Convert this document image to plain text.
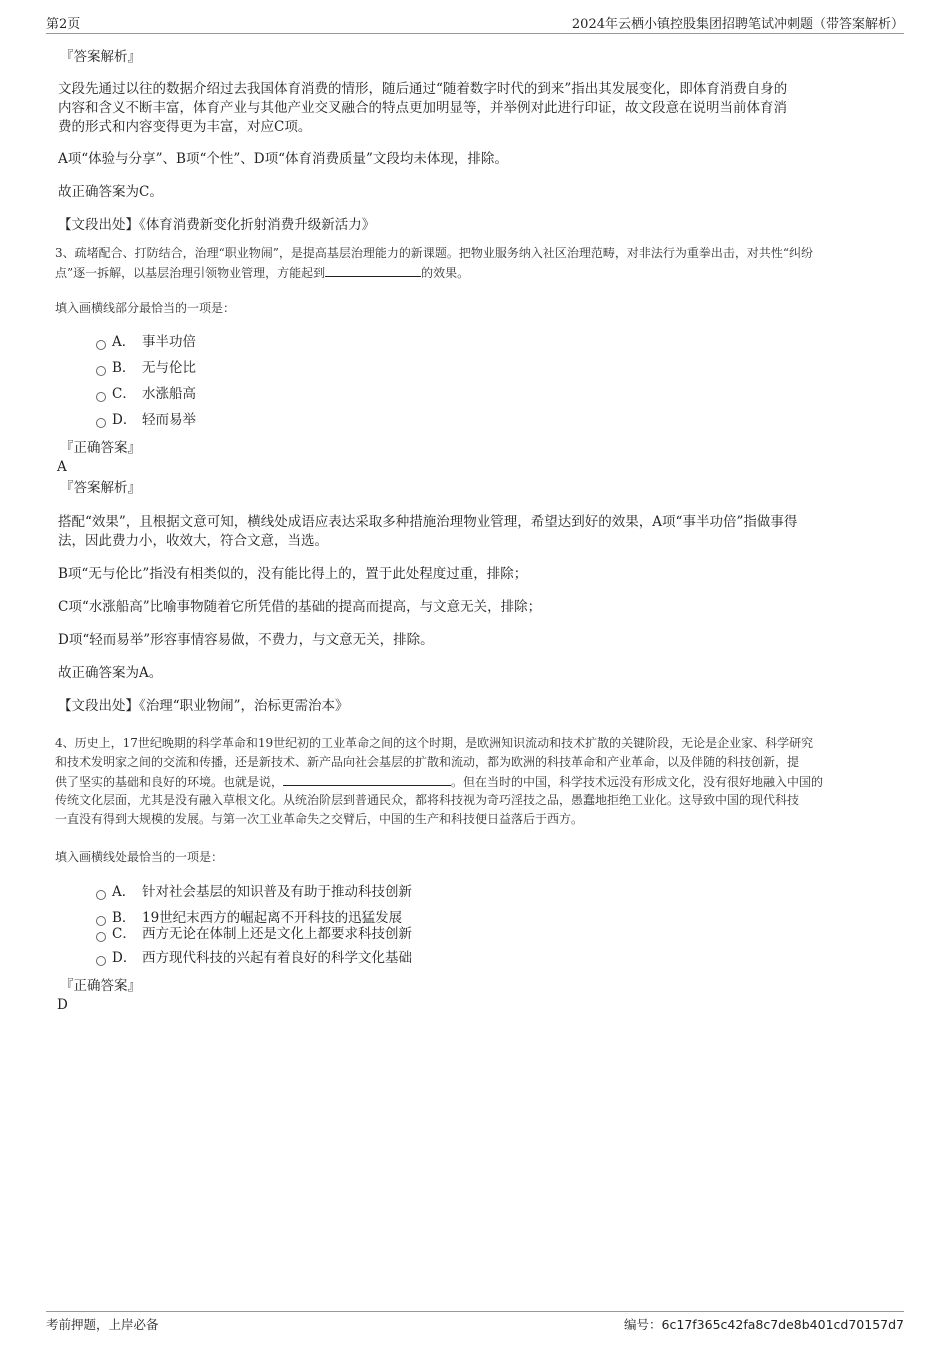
第2页	2024年云栖小镇控股集团招聘笔试冲刺题（带答案解析）
『答案解析』
文段先通过以往的数据介绍过去我国体育消费的情形，随后通过“随着数字时代的到来”指出其发展变化，即体育消费自身的
内容和含义不断丰富，体育产业与其他产业交叉融合的特点更加明显等，并举例对此进行印证，故文段意在说明当前体育消
费的形式和内容变得更为丰富，对应C项。
A项“体验与分享”、B项“个性”、D项“体育消费质量”文段均未体现，排除。
故正确答案为C。
【文段出处】《体育消费新变化折射消费升级新活力》
3、疏堵配合、打防结合，治理“职业物闹”，是提高基层治理能力的新课题。把物业服务纳入社区治理范畴，对非法行为重拳出击，对共性“纠纷
点”逐一拆解，以基层治理引领物业管理，方能起到	的效果。
填入画横线部分最恰当的一项是：
A． 事半功倍
B． 无与伦比
C． 水涨船高
D． 轻而易举
『正确答案』
A
『答案解析』
搭配“效果”，且根据文意可知，横线处成语应表达采取多种措施治理物业管理，希望达到好的效果，A项“事半功倍”指做事得
法，因此费力小，收效大，符合文意，当选。
B项“无与伦比”指没有相类似的，没有能比得上的，置于此处程度过重，排除；
C项“水涨船高”比喻事物随着它所凭借的基础的提高而提高，与文意无关，排除；
D项“轻而易举”形容事情容易做，不费力，与文意无关，排除。
故正确答案为A。
【文段出处】《治理“职业物闹”，治标更需治本》
4、历史上，17世纪晚期的科学革命和19世纪初的工业革命之间的这个时期，是欧洲知识流动和技术扩散的关键阶段，无论是企业家、科学研究
和技术发明家之间的交流和传播，还是新技术、新产品向社会基层的扩散和流动，都为欧洲的科技革命和产业革命，以及伴随的科技创新，提
供了坚实的基础和良好的环境。也就是说，	。但在当时的中国，科学技术远没有形成文化，没有很好地融入中国的
传统文化层面，尤其是没有融入草根文化。从统治阶层到普通民众，都将科技视为奇巧淫技之品，愚蠢地拒绝工业化。这导致中国的现代科技
一直没有得到大规模的发展。与第一次工业革命失之交臂后，中国的生产和科技便日益落后于西方。
填入画横线处最恰当的一项是：
A． 针对社会基层的知识普及有助于推动科技创新
B． 19世纪末西方的崛起离不开科技的迅猛发展
C． 西方无论在体制上还是文化上都要求科技创新
D． 西方现代科技的兴起有着良好的科学文化基础
『正确答案』
D
考前押题，上岸必备	编号：6c17f365c42fa8c7de8b401cd70157d7
